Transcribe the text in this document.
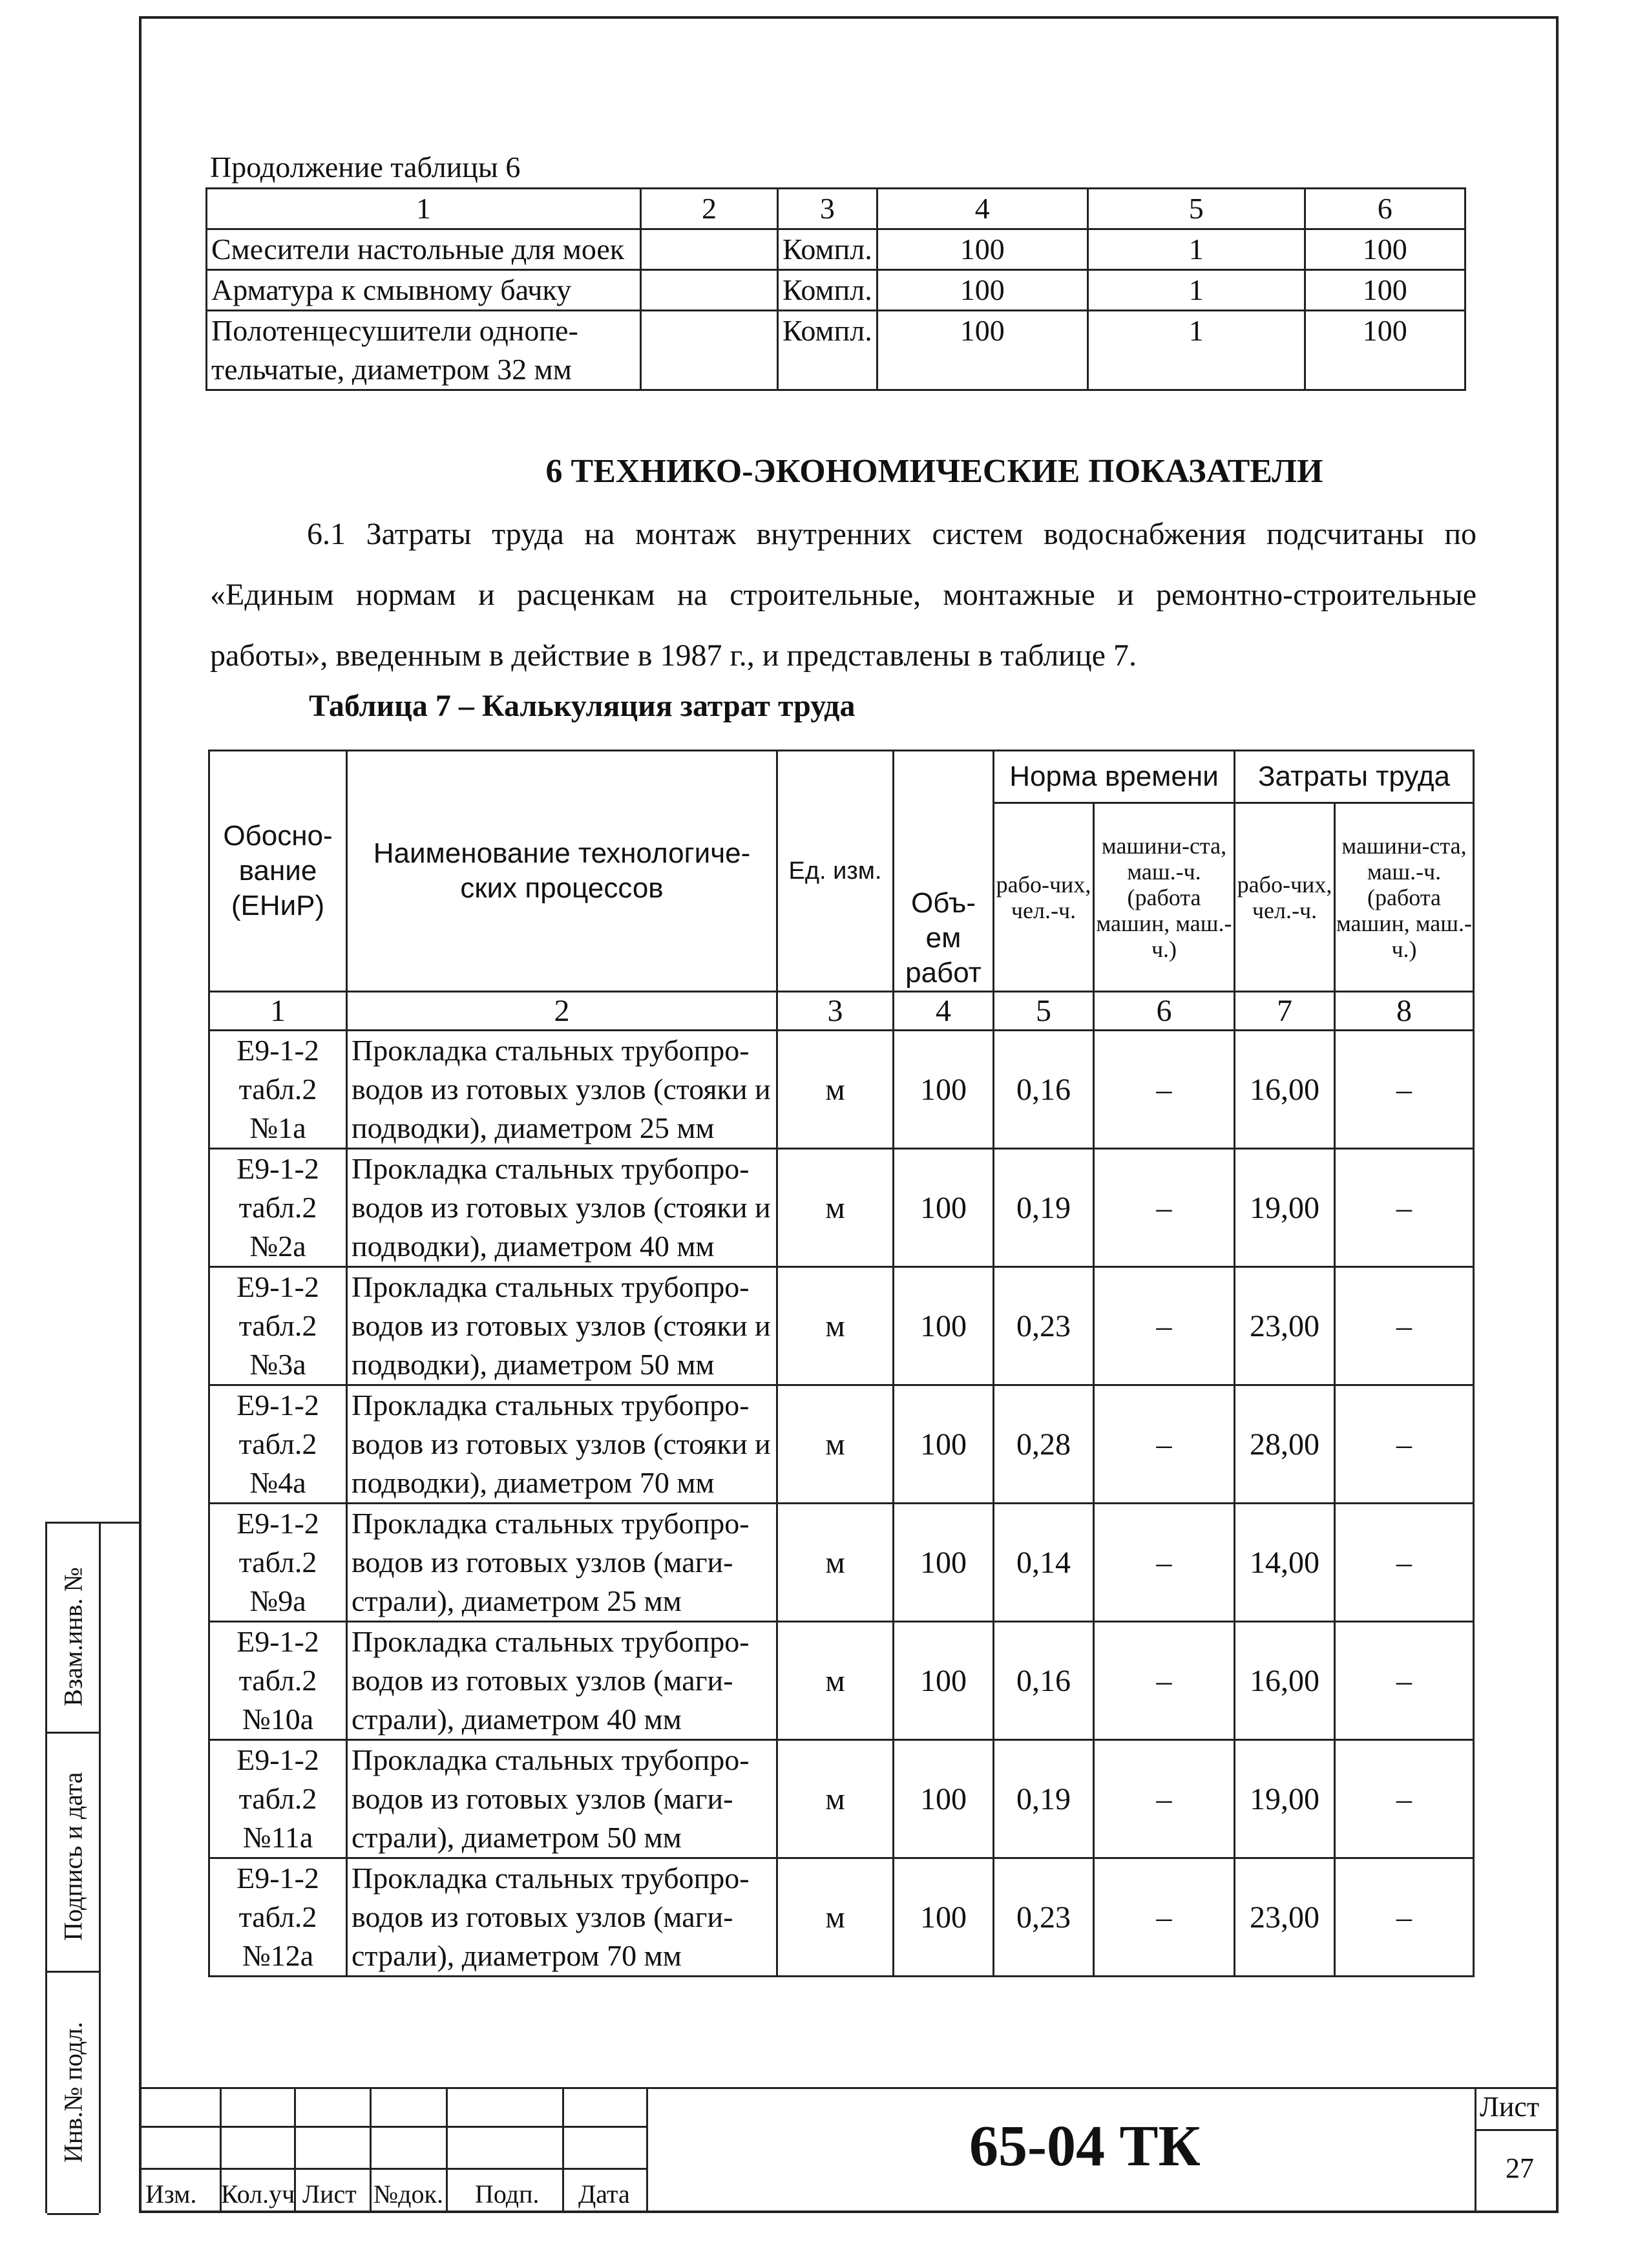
Взам.инв. №
Подпись и дата
Инв.№ подл.
Продолжение таблицы 6
1	2	3	4	5	6
Смесители настольные для моек		Компл.	100	1	100
Арматура к смывному бачку		Компл.	100	1	100
Полотенцесушители однопе-тельчатые, диаметром 32 мм		Компл.	100	1	100
6 ТЕХНИКО-ЭКОНОМИЧЕСКИЕ ПОКАЗАТЕЛИ
6.1 Затраты труда на монтаж внутренних систем водоснабжения подсчитаны по «Единым нормам и расценкам на строительные, монтажные и ремонтно-строительные работы», введенным в действие в 1987 г., и представлены в таблице 7.
Таблица 7 – Калькуляция затрат труда
Обосно-вание (ЕНиР)	Наименование технологиче-ских процессов	Ед. изм.	Объ-ем работ	Норма времени		Затраты труда	
				рабо-чих, чел.-ч.	машини-ста, маш.-ч. (работа машин, маш.-ч.)	рабо-чих, чел.-ч.	машини-ста, маш.-ч. (работа машин, маш.-ч.)
1	2	3	4	5	6	7	8
Е9-1-2 табл.2 №1а	Прокладка стальных трубопро-водов из готовых узлов (стояки и подводки), диаметром 25 мм	м	100	0,16	–	16,00	–
Е9-1-2 табл.2 №2а	Прокладка стальных трубопро-водов из готовых узлов (стояки и подводки), диаметром 40 мм	м	100	0,19	–	19,00	–
Е9-1-2 табл.2 №3а	Прокладка стальных трубопро-водов из готовых узлов (стояки и подводки), диаметром 50 мм	м	100	0,23	–	23,00	–
Е9-1-2 табл.2 №4а	Прокладка стальных трубопро-водов из готовых узлов (стояки и подводки), диаметром 70 мм	м	100	0,28	–	28,00	–
Е9-1-2 табл.2 №9а	Прокладка стальных трубопро-водов из готовых узлов (маги-страли), диаметром 25 мм	м	100	0,14	–	14,00	–
Е9-1-2 табл.2 №10а	Прокладка стальных трубопро-водов из готовых узлов (маги-страли), диаметром 40 мм	м	100	0,16	–	16,00	–
Е9-1-2 табл.2 №11а	Прокладка стальных трубопро-водов из готовых узлов (маги-страли), диаметром 50 мм	м	100	0,19	–	19,00	–
Е9-1-2 табл.2 №12а	Прокладка стальных трубопро-водов из готовых узлов (маги-страли), диаметром 70 мм	м	100	0,23	–	23,00	–
Изм. Кол.уч Лист №док. Подп. Дата
65-04 ТК
Лист
27
